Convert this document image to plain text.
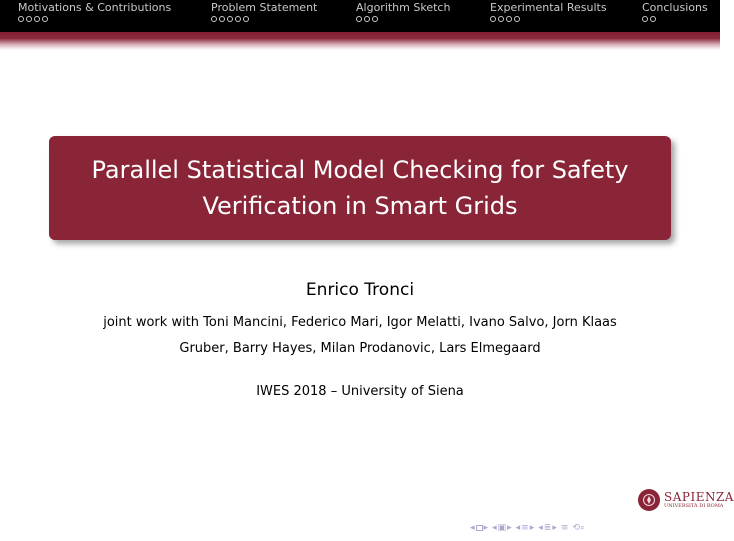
Motivations & Contributions	Problem Statement	Algorithm Sketch	Experimental Results	Conclusions
Parallel Statistical Model Checking for Safety Verification in Smart Grids
Enrico Tronci
joint work with Toni Mancini, Federico Mari, Igor Melatti, Ivano Salvo, Jorn Klaas
Gruber, Barry Hayes, Milan Prodanovic, Lars Elmegaard
IWES 2018 – University of Siena
SAPIENZA
UNIVERSITÀ DI ROMA
◂ ▸ ◂ ▣ ▸ ◂ ≡ ▸ ◂ ≣ ▸ ≡ ⟲⌕
